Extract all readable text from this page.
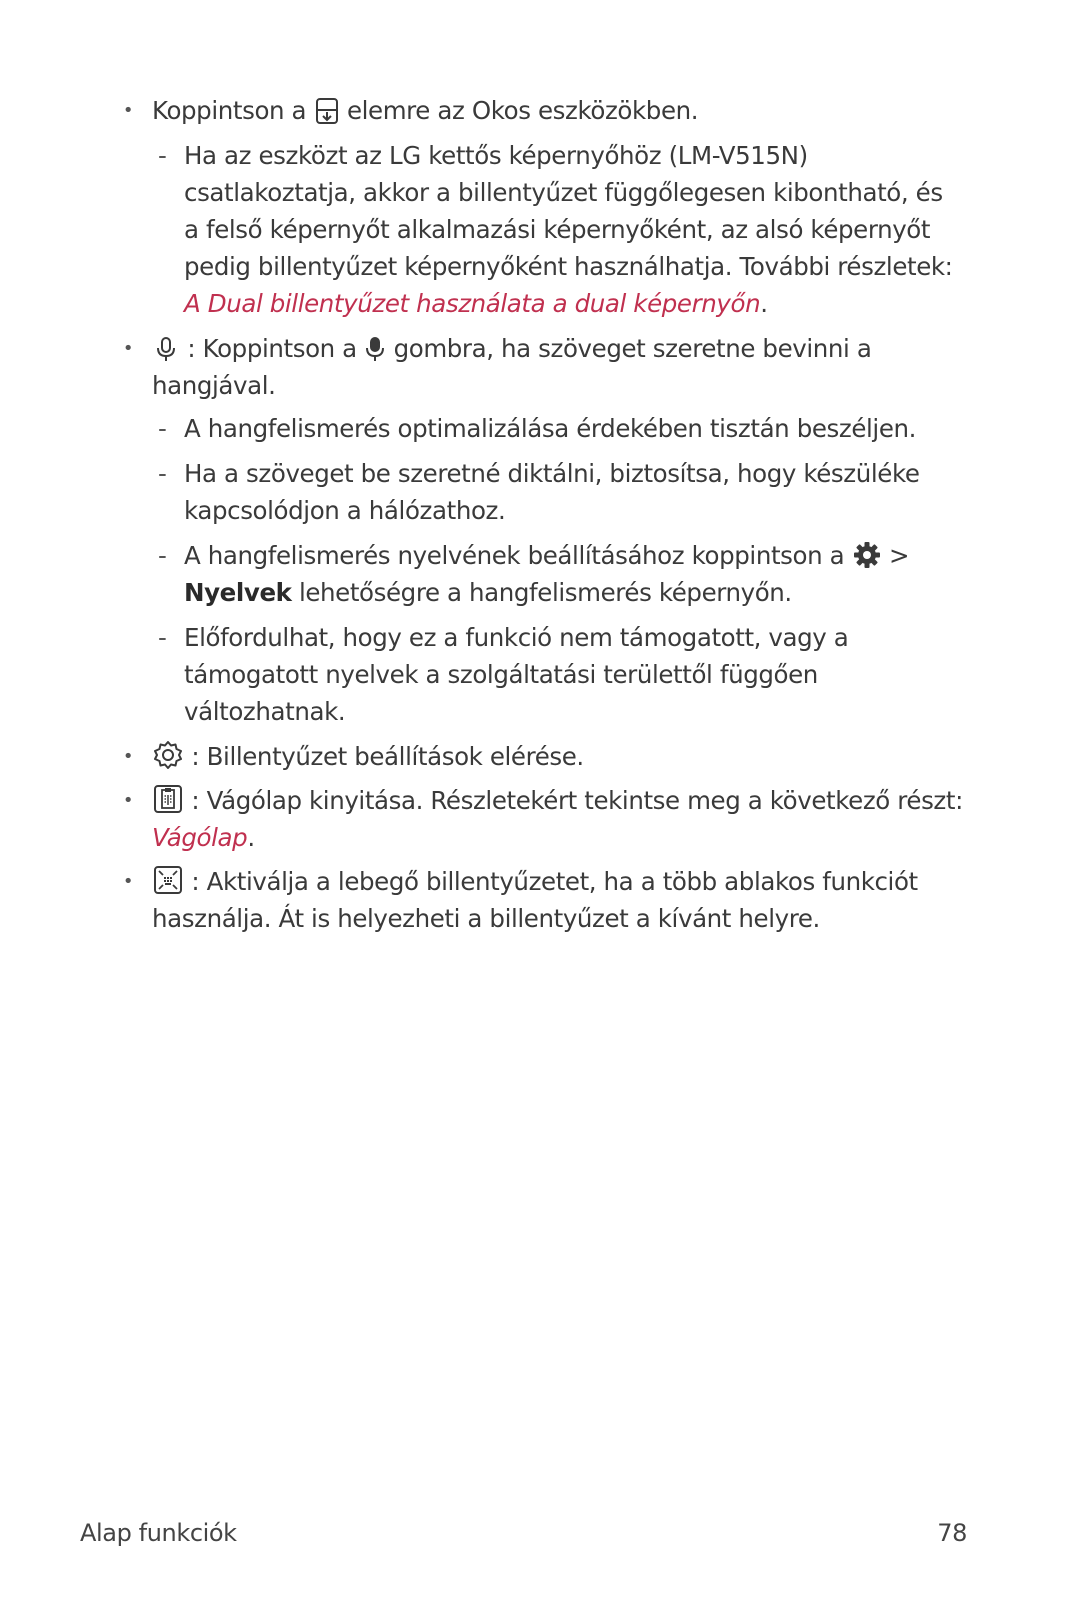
• Koppintson a elemre az Okos eszközökben.
- Ha az eszközt az LG kettős képernyőhöz (LM-V515N)
csatlakoztatja, akkor a billentyűzet függőlegesen kibontható, és
a felső képernyőt alkalmazási képernyőként, az alsó képernyőt
pedig billentyűzet képernyőként használhatja. További részletek:
A Dual billentyűzet használata a dual képernyőn.
•	: Koppintson a gombra, ha szöveget szeretne bevinni a
hangjával.
- A hangfelismerés optimalizálása érdekében tisztán beszéljen.
- Ha a szöveget be szeretné diktálni, biztosítsa, hogy készüléke
kapcsolódjon a hálózathoz.
- A hangfelismerés nyelvének beállításához koppintson a >
Nyelvek lehetőségre a hangfelismerés képernyőn.
- Előfordulhat, hogy ez a funkció nem támogatott, vagy a
támogatott nyelvek a szolgáltatási területtől függően
változhatnak.
•	: Billentyűzet beállítások elérése.
•	: Vágólap kinyitása. Részletekért tekintse meg a következő részt:
Vágólap.
•	: Aktiválja a lebegő billentyűzetet, ha a több ablakos funkciót
használja. Át is helyezheti a billentyűzet a kívánt helyre.
Alap funkciók	78
